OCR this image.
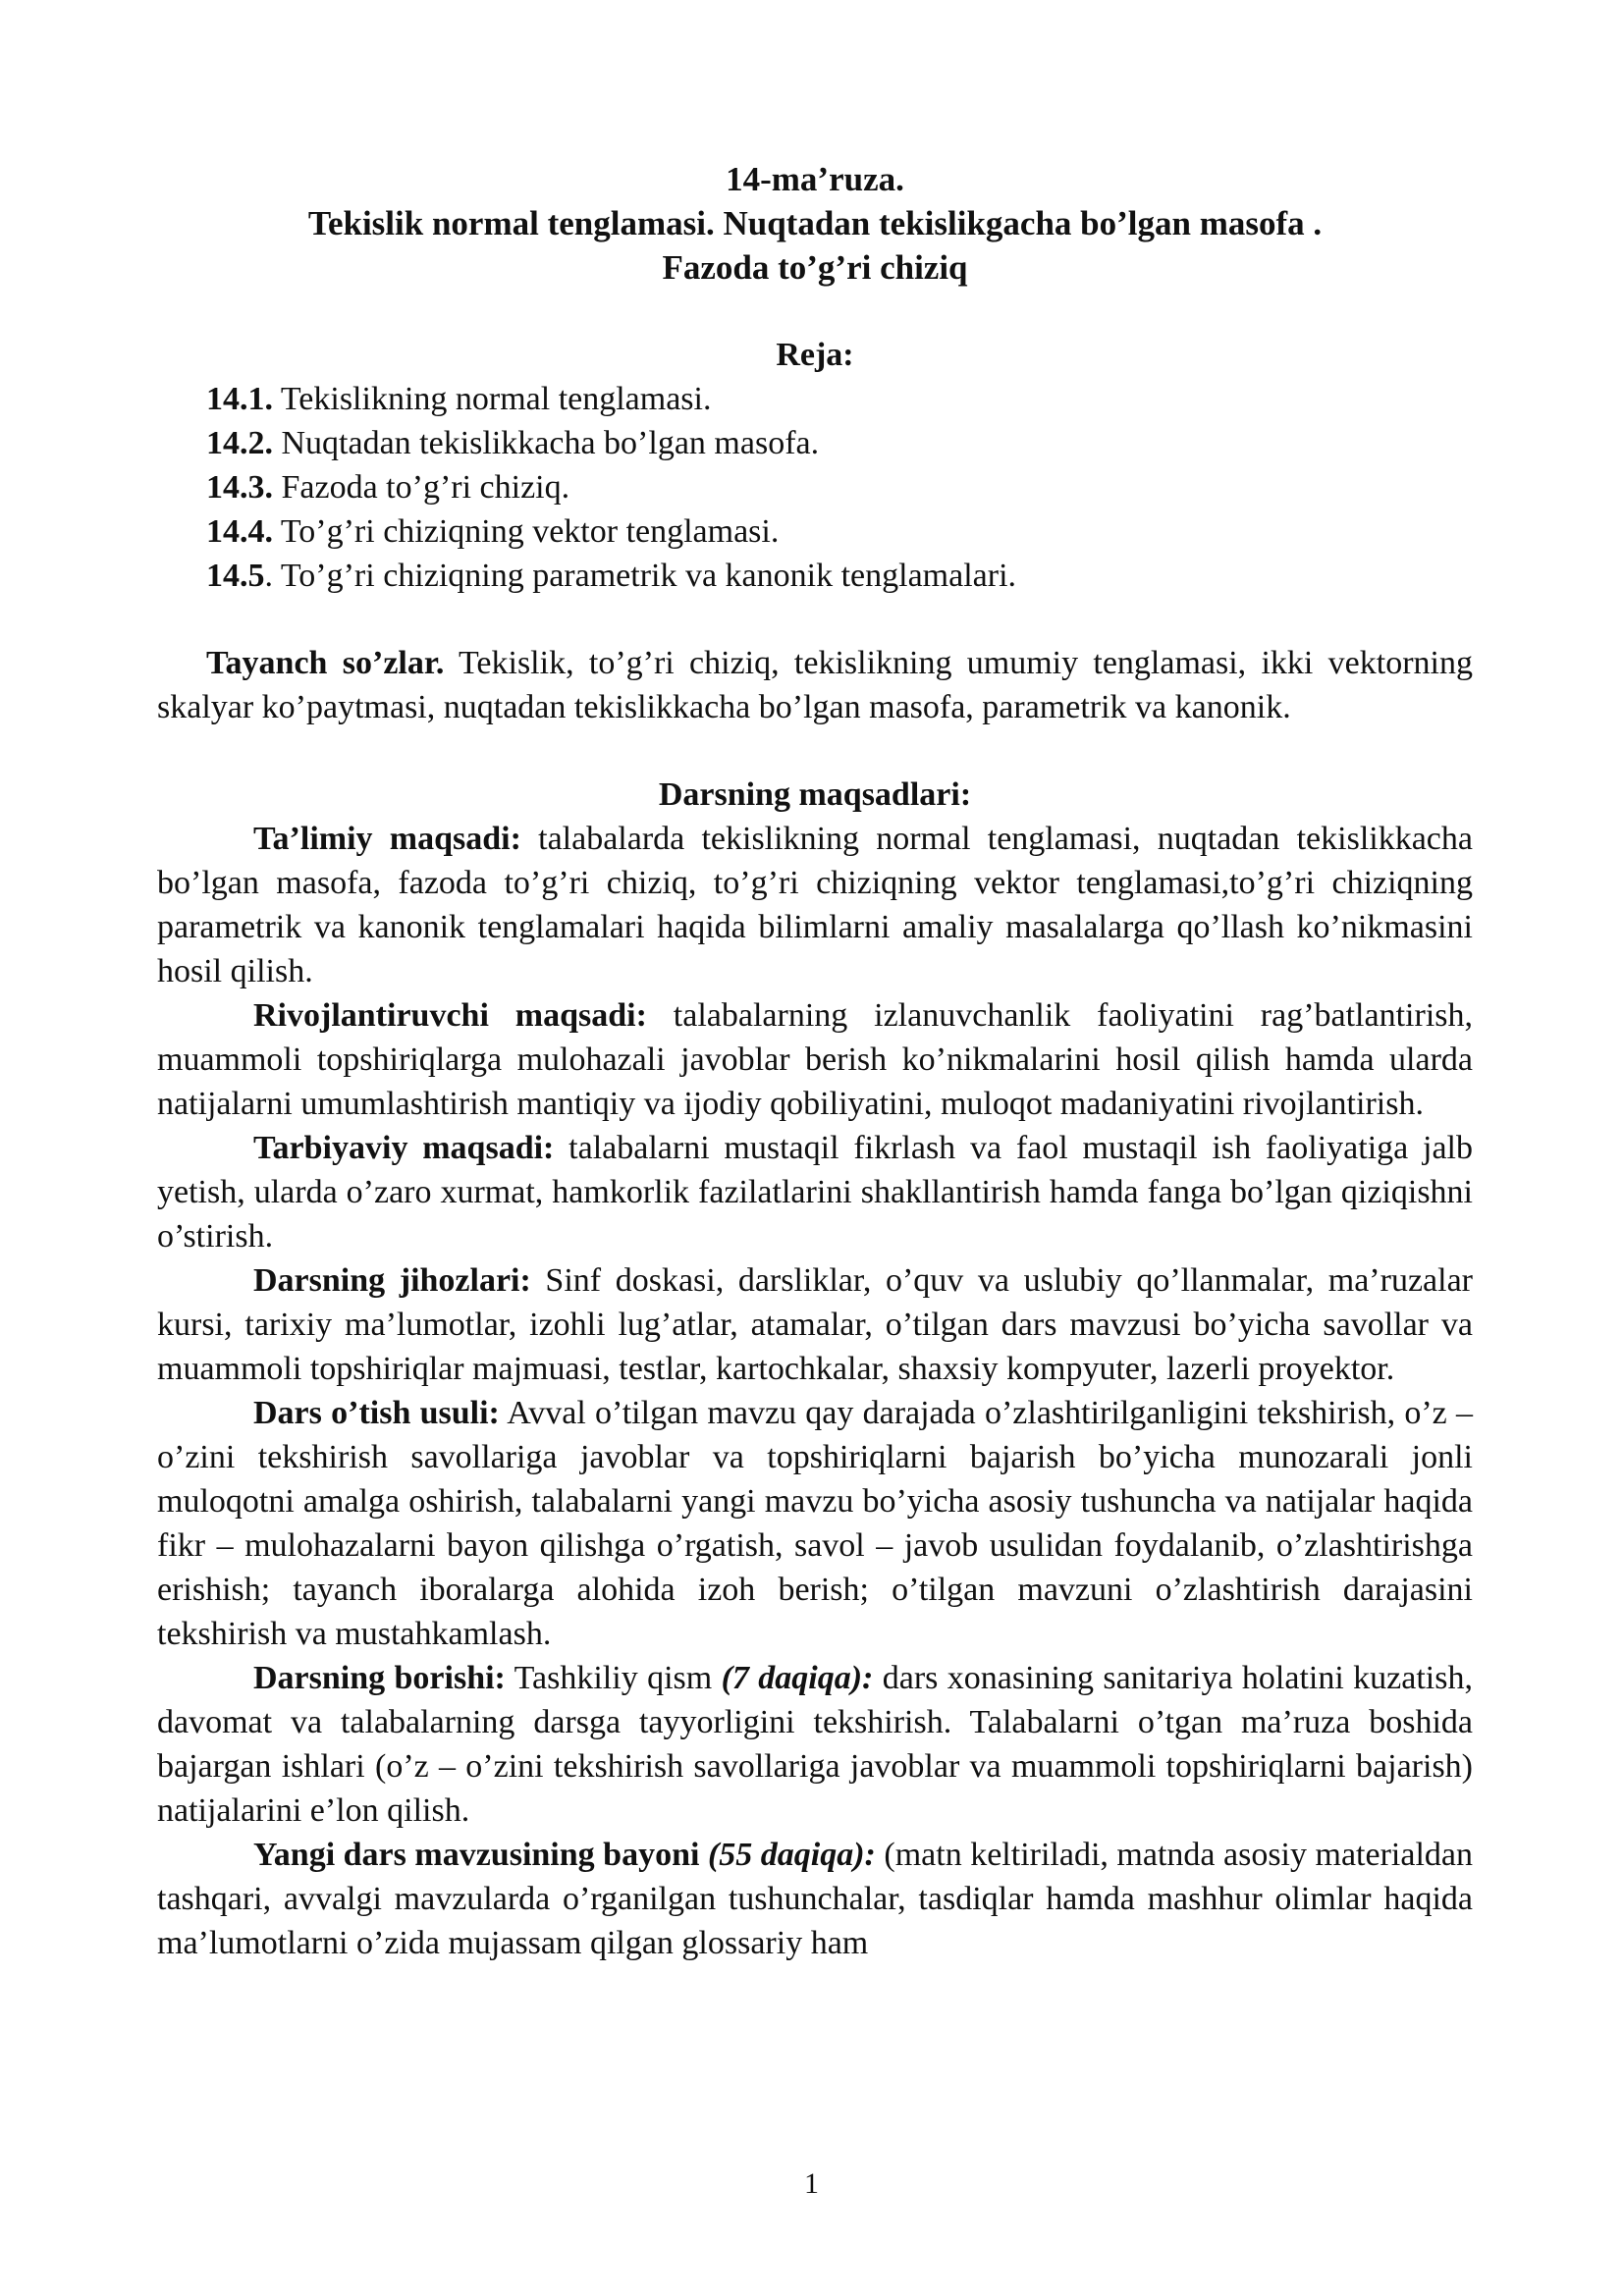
14-ma’ruza.
Tekislik normal tenglamasi. Nuqtadan tekislikgacha bo’lgan masofa .
Fazoda to’g’ri chiziq
Reja:
14.1. Tekislikning normal tenglamasi.
14.2. Nuqtadan tekislikkacha bo’lgan masofa.
14.3. Fazoda to’g’ri chiziq.
14.4. To’g’ri chiziqning vektor tenglamasi.
14.5. To’g’ri chiziqning parametrik va kanonik tenglamalari.

Tayanch so’zlar. Tekislik, to’g’ri chiziq, tekislikning umumiy tenglamasi, ikki vektorning skalyar ko’paytmasi, nuqtadan tekislikkacha bo’lgan masofa, parametrik va kanonik.

Darsning maqsadlari:

Ta’limiy maqsadi: talabalarda tekislikning normal tenglamasi, nuqtadan tekislikkacha bo’lgan masofa, fazoda to’g’ri chiziq, to’g’ri chiziqning vektor tenglamasi,to’g’ri chiziqning parametrik va kanonik tenglamalari haqida bilimlarni amaliy masalalarga qo’llash ko’nikmasini hosil qilish.

Rivojlantiruvchi maqsadi: talabalarning izlanuvchanlik faoliyatini rag’batlantirish, muammoli topshiriqlarga mulohazali javoblar berish ko’nikmalarini hosil qilish hamda ularda natijalarni umumlashtirish mantiqiy va ijodiy qobiliyatini, muloqot madaniyatini rivojlantirish.

Tarbiyaviy maqsadi: talabalarni mustaqil fikrlash va faol mustaqil ish faoliyatiga jalb yetish, ularda o’zaro xurmat, hamkorlik fazilatlarini shakllantirish hamda fanga bo’lgan qiziqishni o’stirish.

Darsning jihozlari: Sinf doskasi, darsliklar, o’quv va uslubiy qo’llanmalar, ma’ruzalar kursi, tarixiy ma’lumotlar, izohli lug’atlar, atamalar, o’tilgan dars mavzusi bo’yicha savollar va muammoli topshiriqlar majmuasi, testlar, kartochkalar, shaxsiy kompyuter, lazerli proyektor.

Dars o’tish usuli: Avval o’tilgan mavzu qay darajada o’zlashtirilganligini tekshirish, o’z – o’zini tekshirish savollariga javoblar va topshiriqlarni bajarish bo’yicha munozarali jonli muloqotni amalga oshirish, talabalarni yangi mavzu bo’yicha asosiy tushuncha va natijalar haqida fikr – mulohazalarni bayon qilishga o’rgatish, savol – javob usulidan foydalanib, o’zlashtirishga erishish; tayanch iboralarga alohida izoh berish; o’tilgan mavzuni o’zlashtirish darajasini tekshirish va mustahkamlash.

Darsning borishi: Tashkiliy qism (7 daqiqa): dars xonasining sanitariya holatini kuzatish, davomat va talabalarning darsga tayyorligini tekshirish. Talabalarni o’tgan ma’ruza boshida bajargan ishlari (o’z – o’zini tekshirish savollariga javoblar va muammoli topshiriqlarni bajarish) natijalarini e’lon qilish.

Yangi dars mavzusining bayoni (55 daqiqa): (matn keltiriladi, matnda asosiy materialdan tashqari, avvalgi mavzularda o’rganilgan tushunchalar, tasdiqlar hamda mashhur olimlar haqida ma’lumotlarni o’zida mujassam qilgan glossariy ham

1
